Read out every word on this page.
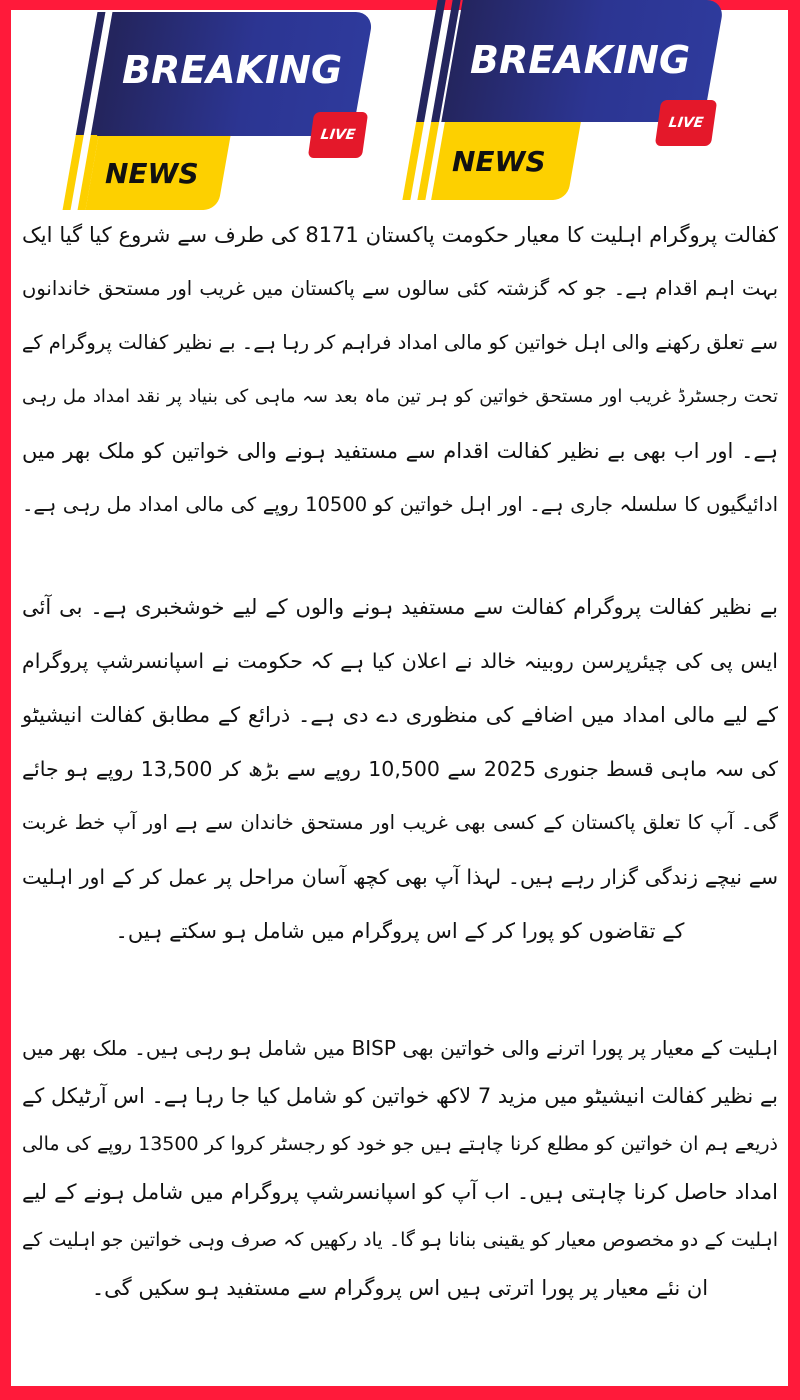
BREAKING
NEWS
LIVE
BREAKING
NEWS
LIVE
کفالت پروگرام اہلیت کا معیار حکومت پاکستان 8171 کی طرف سے شروع کیا گیا ایک
بہت اہم اقدام ہے۔ جو کہ گزشتہ کئی سالوں سے پاکستان میں غریب اور مستحق خاندانوں
سے تعلق رکھنے والی اہل خواتین کو مالی امداد فراہم کر رہا ہے۔ بے نظیر کفالت پروگرام کے
تحت رجسٹرڈ غریب اور مستحق خواتین کو ہر تین ماہ بعد سہ ماہی کی بنیاد پر نقد امداد مل رہی
ہے۔ اور اب بھی بے نظیر کفالت اقدام سے مستفید ہونے والی خواتین کو ملک بھر میں
ادائیگیوں کا سلسلہ جاری ہے۔ اور اہل خواتین کو 10500 روپے کی مالی امداد مل رہی ہے۔
بے نظیر کفالت پروگرام کفالت سے مستفید ہونے والوں کے لیے خوشخبری ہے۔ بی آئی
ایس پی کی چیئرپرسن روبینہ خالد نے اعلان کیا ہے کہ حکومت نے اسپانسرشپ پروگرام
کے لیے مالی امداد میں اضافے کی منظوری دے دی ہے۔ ذرائع کے مطابق کفالت انیشیٹو
کی سہ ماہی قسط جنوری 2025 سے 10,500 روپے سے بڑھ کر 13,500 روپے ہو جائے
گی۔ آپ کا تعلق پاکستان کے کسی بھی غریب اور مستحق خاندان سے ہے اور آپ خط غربت
سے نیچے زندگی گزار رہے ہیں۔ لہذا آپ بھی کچھ آسان مراحل پر عمل کر کے اور اہلیت
کے تقاضوں کو پورا کر کے اس پروگرام میں شامل ہو سکتے ہیں۔
اہلیت کے معیار پر پورا اترنے والی خواتین بھی BISP میں شامل ہو رہی ہیں۔ ملک بھر میں
بے نظیر کفالت انیشیٹو میں مزید 7 لاکھ خواتین کو شامل کیا جا رہا ہے۔ اس آرٹیکل کے
ذریعے ہم ان خواتین کو مطلع کرنا چاہتے ہیں جو خود کو رجسٹر کروا کر 13500 روپے کی مالی
امداد حاصل کرنا چاہتی ہیں۔ اب آپ کو اسپانسرشپ پروگرام میں شامل ہونے کے لیے
اہلیت کے دو مخصوص معیار کو یقینی بنانا ہو گا۔ یاد رکھیں کہ صرف وہی خواتین جو اہلیت کے
ان نئے معیار پر پورا اترتی ہیں اس پروگرام سے مستفید ہو سکیں گی۔
